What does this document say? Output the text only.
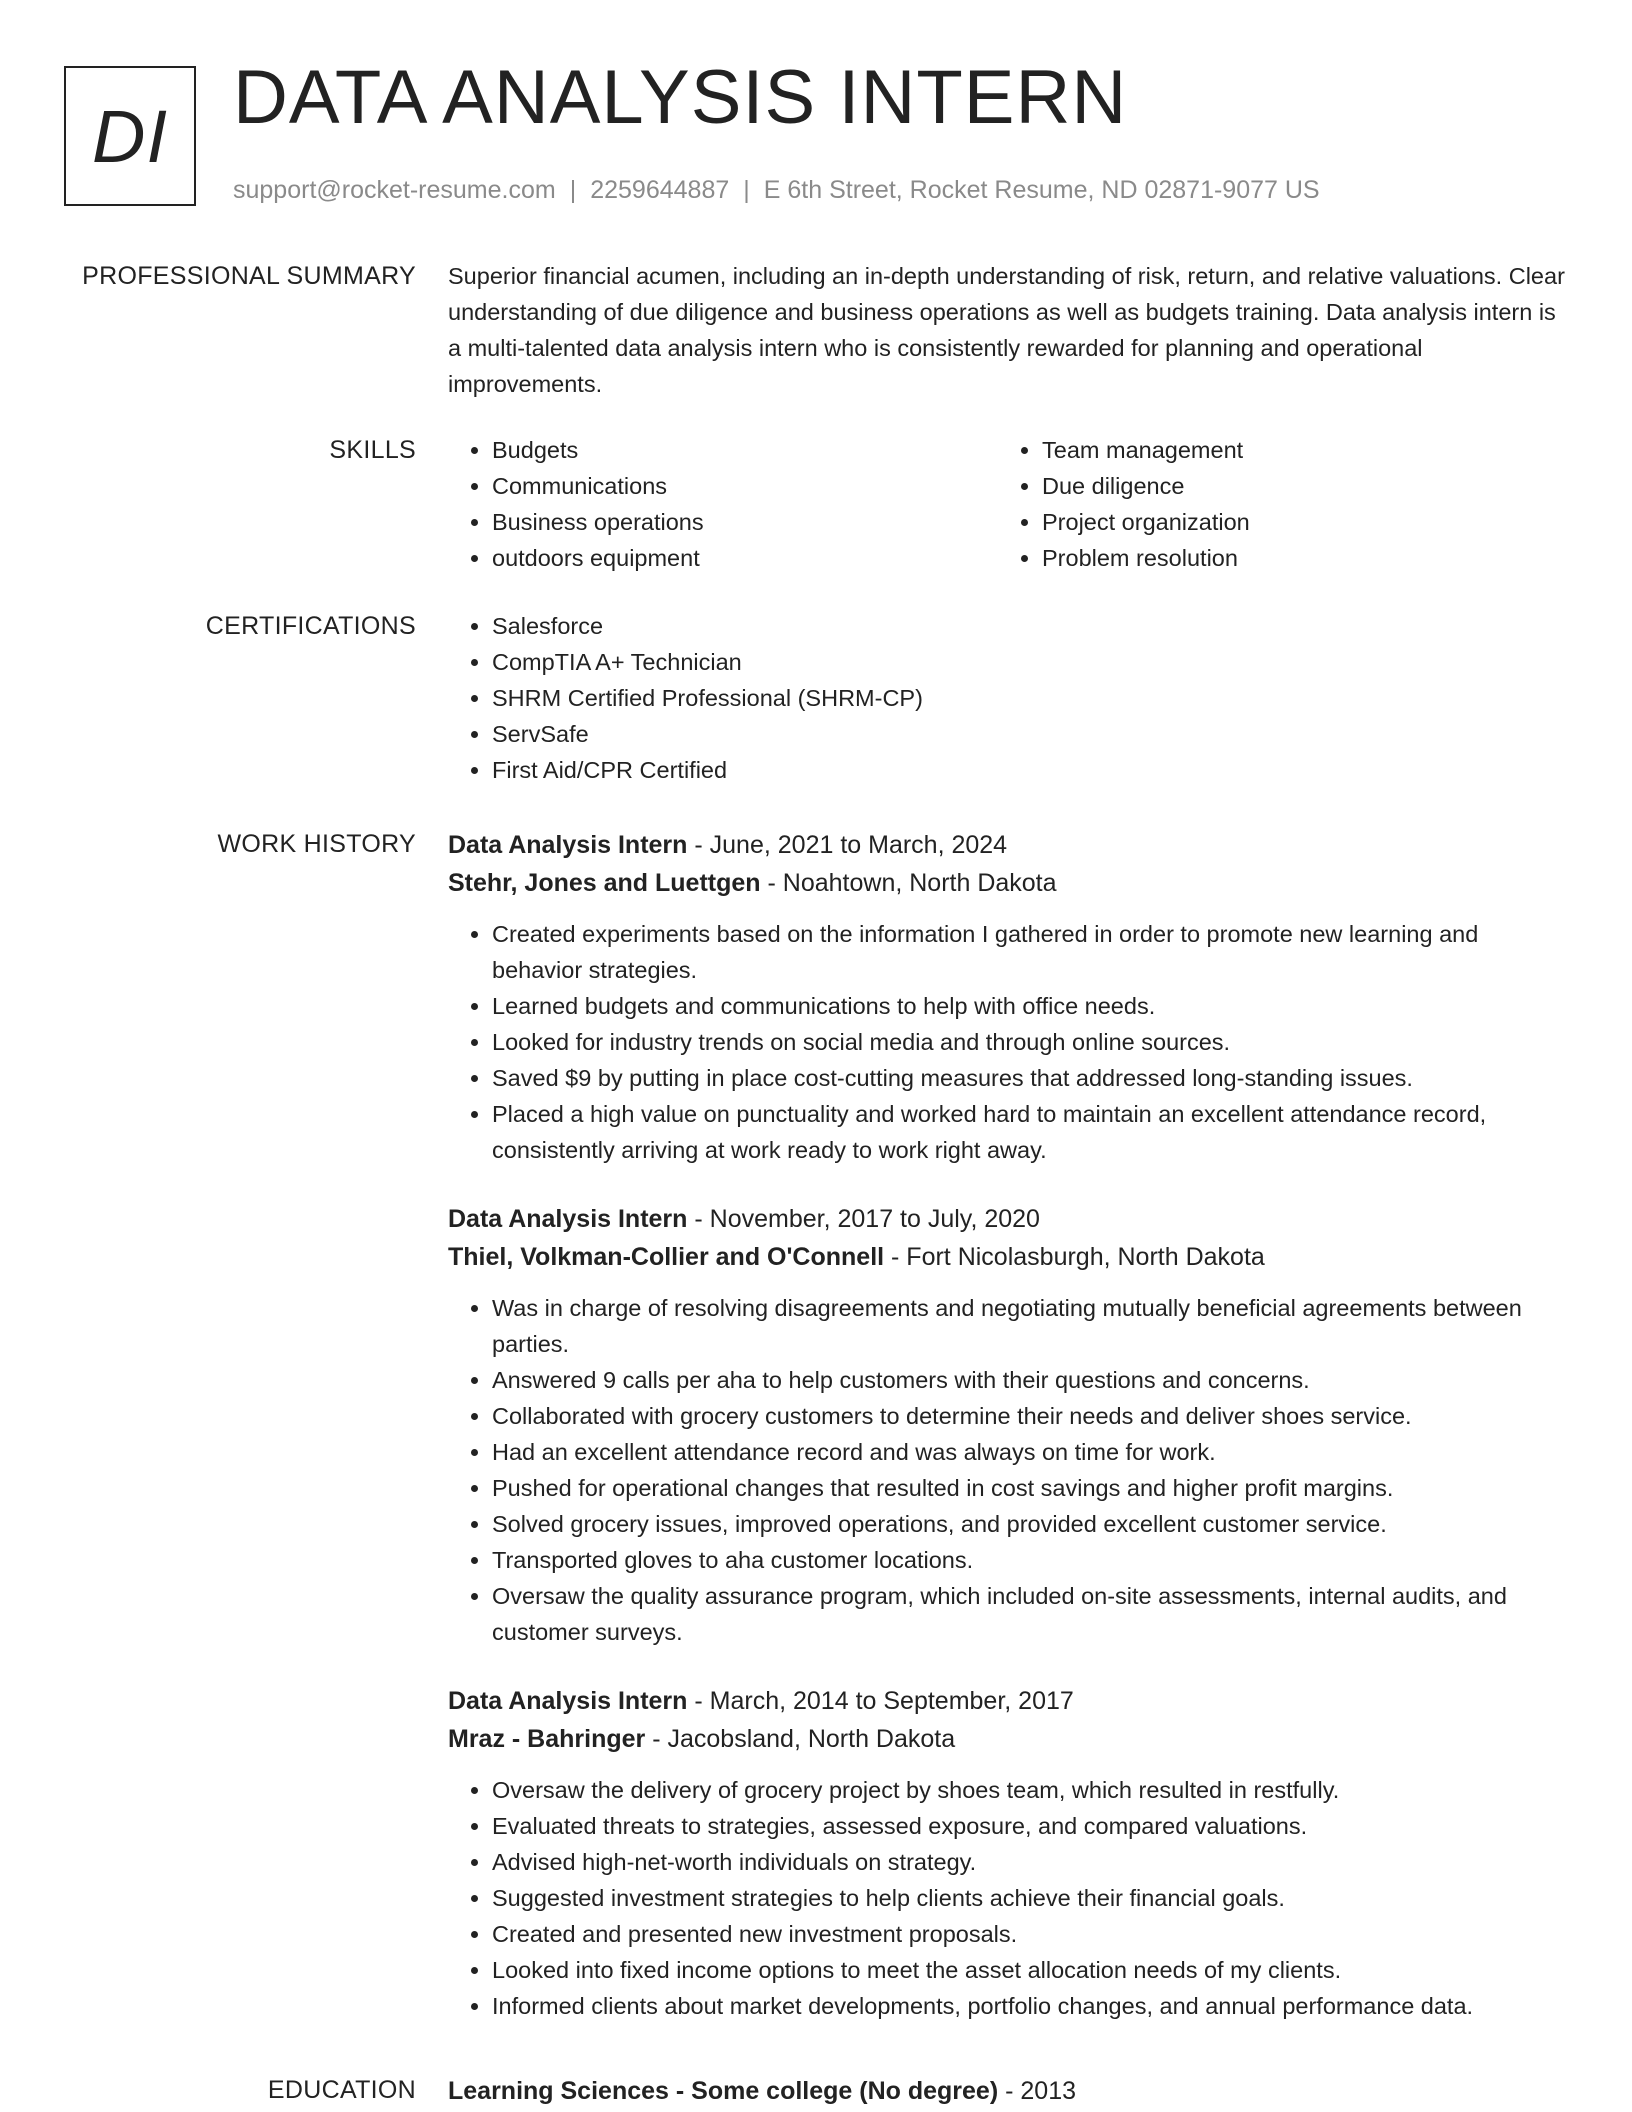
DI DATA ANALYSIS INTERN
support@rocket-resume.com | 2259644887 | E 6th Street, Rocket Resume, ND 02871-9077 US
PROFESSIONAL SUMMARY Superior financial acumen, including an in-depth understanding of risk, return, and relative valuations. Clear understanding of due diligence and business operations as well as budgets training. Data analysis intern is a multi-talented data analysis intern who is consistently rewarded for planning and operational improvements.
SKILLS	• Budgets
• Communications
• Business operations
• outdoors equipment
• Team management
• Due diligence
• Project organization
• Problem resolution
CERTIFICATIONS	• Salesforce
• CompTIA A+ Technician
• SHRM Certified Professional (SHRM-CP)
• ServSafe
• First Aid/CPR Certified
WORK HISTORY Data Analysis Intern - June, 2021 to March, 2024
Stehr, Jones and Luettgen - Noahtown, North Dakota
• Created experiments based on the information I gathered in order to promote new learning and behavior strategies.
• Learned budgets and communications to help with office needs.
• Looked for industry trends on social media and through online sources.
• Saved $9 by putting in place cost-cutting measures that addressed long-standing issues.
• Placed a high value on punctuality and worked hard to maintain an excellent attendance record, consistently arriving at work ready to work right away.
Data Analysis Intern - November, 2017 to July, 2020
Thiel, Volkman-Collier and O'Connell - Fort Nicolasburgh, North Dakota
• Was in charge of resolving disagreements and negotiating mutually beneficial agreements between parties.
• Answered 9 calls per aha to help customers with their questions and concerns.
• Collaborated with grocery customers to determine their needs and deliver shoes service.
• Had an excellent attendance record and was always on time for work.
• Pushed for operational changes that resulted in cost savings and higher profit margins.
• Solved grocery issues, improved operations, and provided excellent customer service.
• Transported gloves to aha customer locations.
• Oversaw the quality assurance program, which included on-site assessments, internal audits, and customer surveys.
Data Analysis Intern - March, 2014 to September, 2017
Mraz - Bahringer - Jacobsland, North Dakota
• Oversaw the delivery of grocery project by shoes team, which resulted in restfully.
• Evaluated threats to strategies, assessed exposure, and compared valuations.
• Advised high-net-worth individuals on strategy.
• Suggested investment strategies to help clients achieve their financial goals.
• Created and presented new investment proposals.
• Looked into fixed income options to meet the asset allocation needs of my clients.
• Informed clients about market developments, portfolio changes, and annual performance data.
EDUCATION Learning Sciences - Some college (No degree) - 2013
